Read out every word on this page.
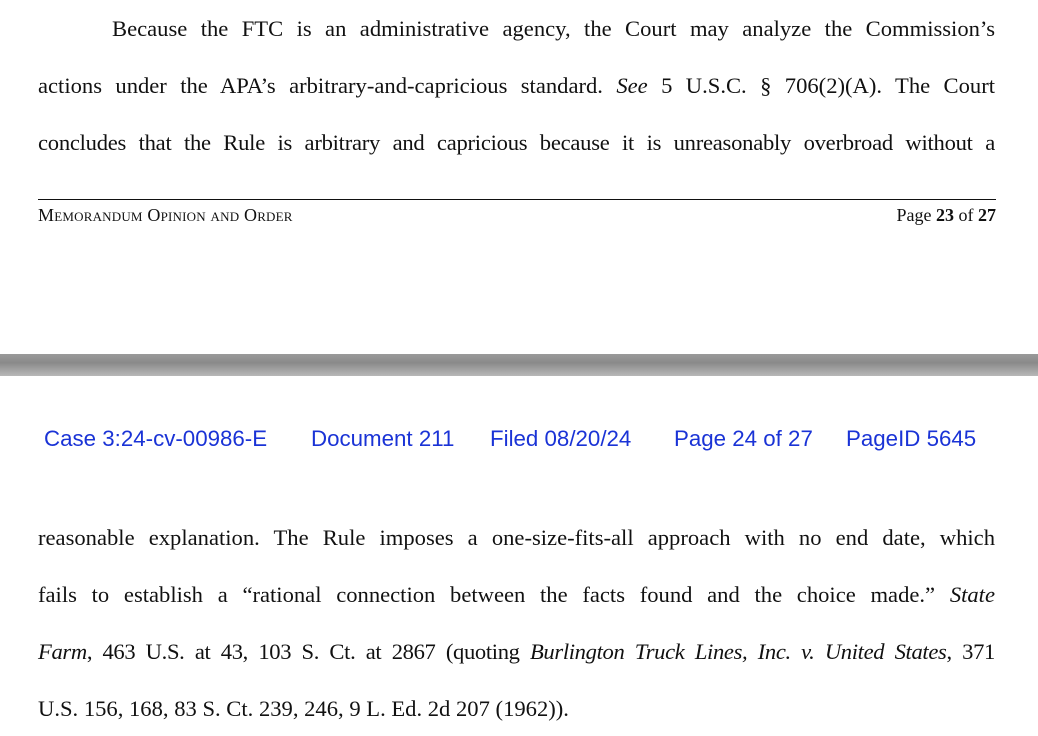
Because the FTC is an administrative agency, the Court may analyze the Commission’s
actions under the APA’s arbitrary-and-capricious standard. See 5 U.S.C. § 706(2)(A). The Court
concludes that the Rule is arbitrary and capricious because it is unreasonably overbroad without a
Memorandum Opinion and Order	Page 23 of 27
Case 3:24-cv-00986-E Document 211 Filed 08/20/24 Page 24 of 27 PageID 5645
reasonable explanation. The Rule imposes a one-size-fits-all approach with no end date, which
fails to establish a “rational connection between the facts found and the choice made.” State
Farm, 463 U.S. at 43, 103 S. Ct. at 2867 (quoting Burlington Truck Lines, Inc. v. United States, 371
U.S. 156, 168, 83 S. Ct. 239, 246, 9 L. Ed. 2d 207 (1962)).
